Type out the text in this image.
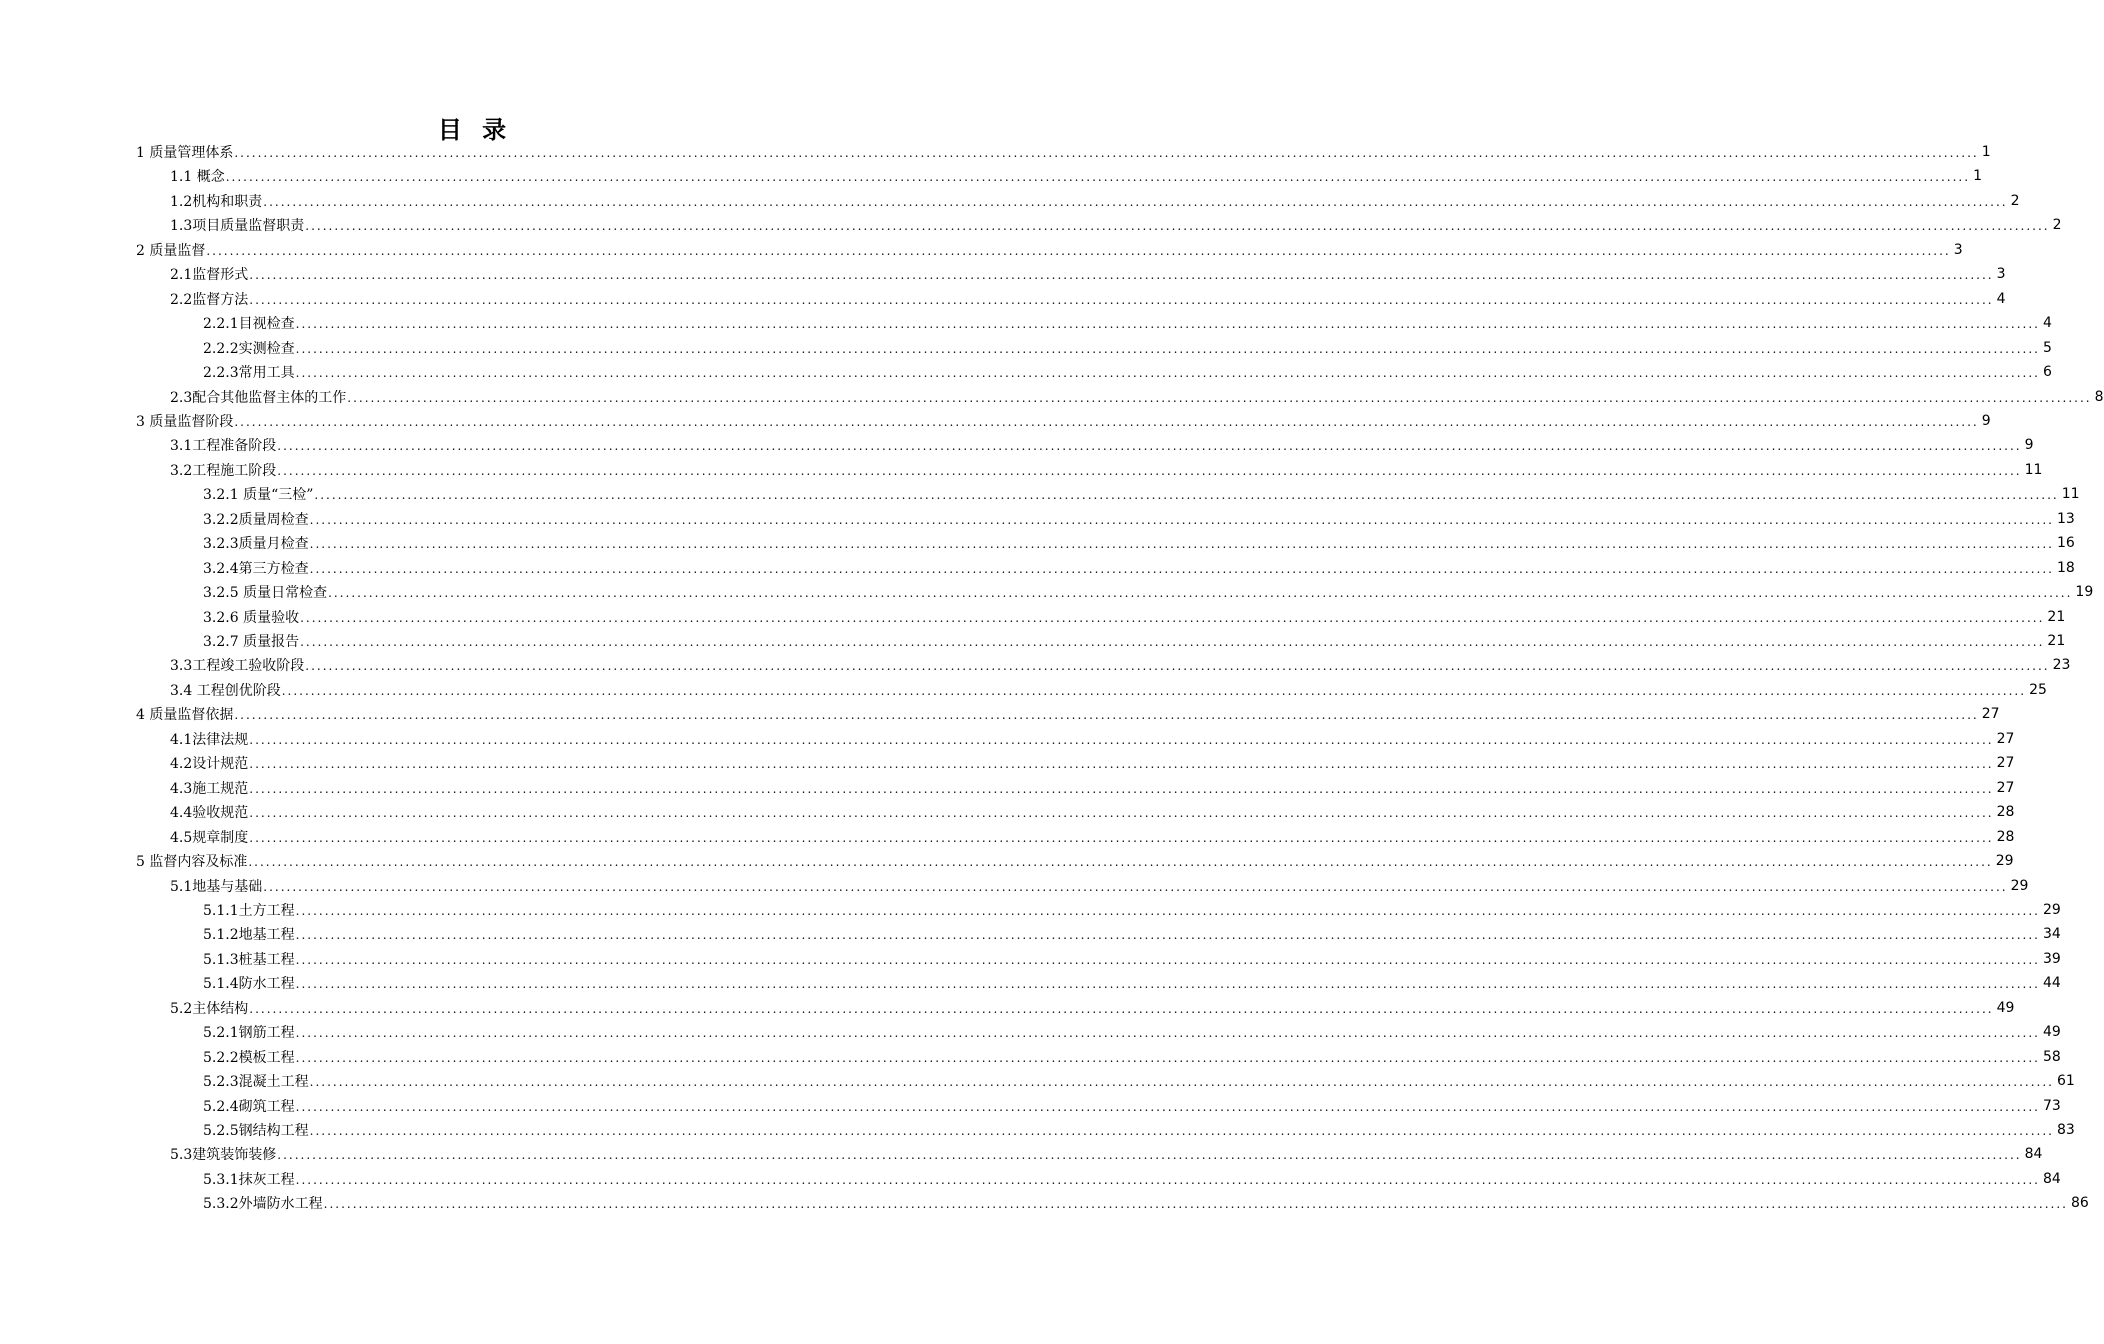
目 录
1 质量管理体系 ............................................................................................................................................................................................................................................................................................................ 1
1.1 概念 ............................................................................................................................................................................................................................................................................................................ 1
1.2机构和职责 ............................................................................................................................................................................................................................................................................................................ 2
1.3项目质量监督职责 ............................................................................................................................................................................................................................................................................................................ 2
2 质量监督 ............................................................................................................................................................................................................................................................................................................ 3
2.1监督形式 ............................................................................................................................................................................................................................................................................................................ 3
2.2监督方法 ............................................................................................................................................................................................................................................................................................................ 4
2.2.1目视检查 ............................................................................................................................................................................................................................................................................................................ 4
2.2.2实测检查 ............................................................................................................................................................................................................................................................................................................ 5
2.2.3常用工具 ............................................................................................................................................................................................................................................................................................................ 6
2.3配合其他监督主体的工作 ............................................................................................................................................................................................................................................................................................................ 8
3 质量监督阶段 ............................................................................................................................................................................................................................................................................................................ 9
3.1工程准备阶段 ............................................................................................................................................................................................................................................................................................................ 9
3.2工程施工阶段 ............................................................................................................................................................................................................................................................................................................ 11
3.2.1 质量“三检” ............................................................................................................................................................................................................................................................................................................ 11
3.2.2质量周检查 ............................................................................................................................................................................................................................................................................................................ 13
3.2.3质量月检查 ............................................................................................................................................................................................................................................................................................................ 16
3.2.4第三方检查 ............................................................................................................................................................................................................................................................................................................ 18
3.2.5 质量日常检查 ............................................................................................................................................................................................................................................................................................................ 19
3.2.6 质量验收 ............................................................................................................................................................................................................................................................................................................ 21
3.2.7 质量报告 ............................................................................................................................................................................................................................................................................................................ 21
3.3工程竣工验收阶段 ............................................................................................................................................................................................................................................................................................................ 23
3.4 工程创优阶段 ............................................................................................................................................................................................................................................................................................................ 25
4 质量监督依据 ............................................................................................................................................................................................................................................................................................................ 27
4.1法律法规 ............................................................................................................................................................................................................................................................................................................ 27
4.2设计规范 ............................................................................................................................................................................................................................................................................................................ 27
4.3施工规范 ............................................................................................................................................................................................................................................................................................................ 27
4.4验收规范 ............................................................................................................................................................................................................................................................................................................ 28
4.5规章制度 ............................................................................................................................................................................................................................................................................................................ 28
5 监督内容及标准 ............................................................................................................................................................................................................................................................................................................ 29
5.1地基与基础 ............................................................................................................................................................................................................................................................................................................ 29
5.1.1土方工程 ............................................................................................................................................................................................................................................................................................................ 29
5.1.2地基工程 ............................................................................................................................................................................................................................................................................................................ 34
5.1.3桩基工程 ............................................................................................................................................................................................................................................................................................................ 39
5.1.4防水工程 ............................................................................................................................................................................................................................................................................................................ 44
5.2主体结构 ............................................................................................................................................................................................................................................................................................................ 49
5.2.1钢筋工程 ............................................................................................................................................................................................................................................................................................................ 49
5.2.2模板工程 ............................................................................................................................................................................................................................................................................................................ 58
5.2.3混凝土工程 ............................................................................................................................................................................................................................................................................................................ 61
5.2.4砌筑工程 ............................................................................................................................................................................................................................................................................................................ 73
5.2.5钢结构工程 ............................................................................................................................................................................................................................................................................................................ 83
5.3建筑装饰装修 ............................................................................................................................................................................................................................................................................................................ 84
5.3.1抹灰工程 ............................................................................................................................................................................................................................................................................................................ 84
5.3.2外墙防水工程 ............................................................................................................................................................................................................................................................................................................ 86
